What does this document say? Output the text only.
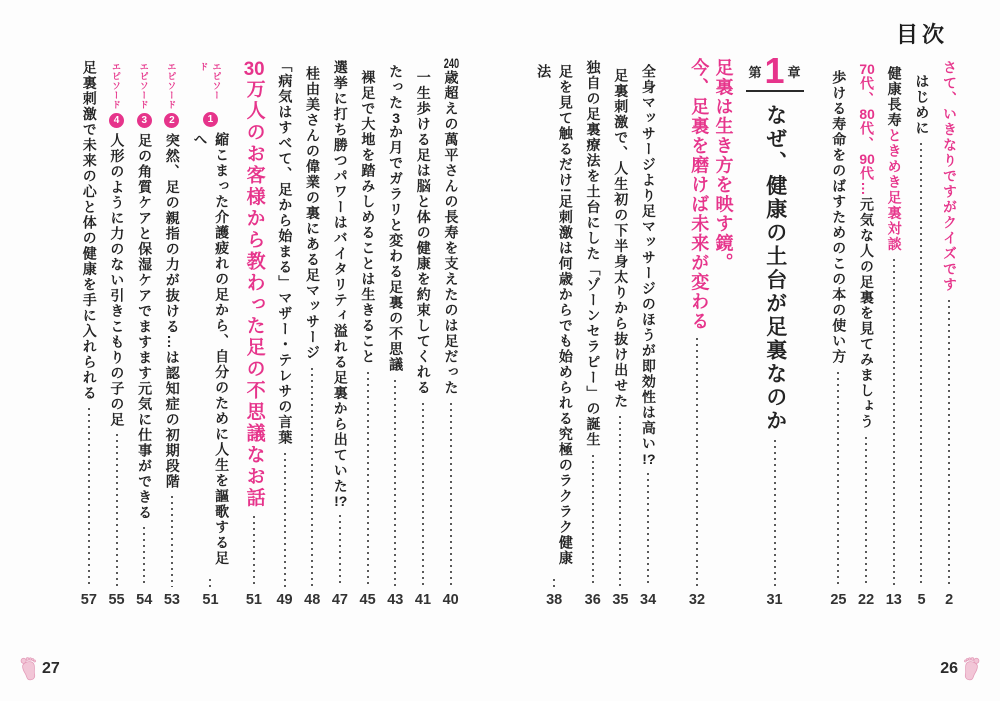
目次
さて、いきなりですがクイズです
2
はじめに
5
健康長寿ときめき足裏対談
13
70代、80代、90代…元気な人の足裏を見てみましょう
22
歩ける寿命をのばすためのこの本の使い方
25
第 1 章
なぜ、健康の土台が足裏なのか
31
足裏は生き方を映す鏡。
今、足裏を磨けば未来が変わる
32
全身マッサージより足マッサージのほうが即効性は高い!?
34
足裏刺激で、人生初の下半身太りから抜け出せた
35
独自の足裏療法を土台にした「ゾーンセラピー」の誕生
36
足を見て触るだけ!足刺激は何歳からでも始められる究極のラクラク健康法
38
240歳超えの萬平さんの長寿を支えたのは足だった
40
一生歩ける足は脳と体の健康を約束してくれる
41
たった3か月でガラリと変わる足裏の不思議
43
裸足で大地を踏みしめることは生きること
45
選挙に打ち勝つパワーはバイタリティ溢れる足裏から出ていた!?
47
桂由美さんの偉業の裏にある足マッサージ
48
「病気はすべて、足から始まる」マザー・テレサの言葉
49
30万人のお客様から教わった足の不思議なお話
51
エピソード
1
縮こまった介護疲れの足から、自分のために人生を謳歌する足へ
51
エピソード
2
突然、足の親指の力が抜ける…は認知症の初期段階
53
エピソード
3
足の角質ケアと保湿ケアでますます元気に仕事ができる
54
エピソード
4
人形のように力のない引きこもりの子の足
55
足裏刺激で未来の心と体の健康を手に入れられる
57
27	26
